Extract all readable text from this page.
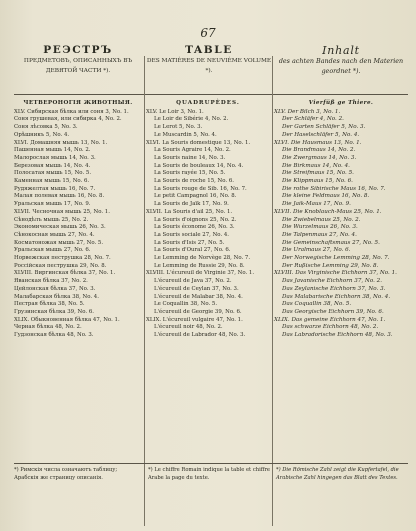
67
РЕЭСТРЪ
ПРЕДМЕТОВЪ, ОПИСАННЫХЪ ВЪ ДЕВЯТОЙ ЧАСТИ *).
TABLE
DES MATIÈRES DE NEUVIÈME VOLUME *).
Inhalt
des achten Bandes nach den Materien geordnet *).
ЧЕТВЕРОНОГІЯ ЖИВОТНЫЯ.
XLV. Сибирская бѣлка или соня 3, No. 1.
Соня грушевая, или сибирка 4, No. 2.
Соня лѣсовка 5, No. 3.
Орѣшникъ 5, No. 4.
XLVI. Домашняя мышь 13, No. 1.
Пашенная мышь 14, No. 2.
Малорослая мышь 14, No. 3.
Березовая мышь 14, No. 4.
Полосатая мышь 15, No. 5.
Каменная мышь 15, No. 6.
Рудяжелтая мышь 16, No. 7.
Малая полевая мышь 16, No. 8.
Уральская мышь 17, No. 9.
XLVII. Чесночная мышь 25, No. 1.
Сѣнодѣлъ мышь 25, No. 2.
Экономическая мышь 26, No. 3.
Сѣнокосная мышь 27, No. 4.
Косматоножая мышь 27, No. 5.
Уральская мышь 27, No. 6.
Норвежская пеструшка 28, No. 7.
Россійская пеструшка 29, No. 8.
XLVIII. Виргинская бѣлка 37, No. 1.
Яванская бѣлка 37, No. 2.
Цейлонская бѣлка 37, No. 3.
Малабарская бѣлка 38, No. 4.
Пестрая бѣлка 38, No. 5.
Грузинская бѣлка 39, No. 6.
XLIX. Обыкновенная бѣлка 47, No. 1.
Черная бѣлка 48, No. 2.
Гудзонская бѣлка 48, No. 3.
QUADRUPÈDES.
XLV. Le Loir 3, No. 1.
Le Loir de Sibérie 4, No. 2.
Le Lerot 5, No. 3.
Le Muscardin 5, No. 4.
XLVI. La Souris domestique 13, No. 1.
La Souris Agraire 14, No. 2.
La Souris naine 14, No. 3.
La Souris de bouleaux 14, No. 4.
La Souris rayée 15, No. 5.
La Souris de roche 15, No. 6.
La Souris rouge de Sib. 16, No. 7.
Le petit Campagnol 16, No. 8.
La Souris de Jaïk 17, No. 9.
XLVII. La Souris d'ail 25, No. 1.
La Souris d'oignons 25, No. 2.
La Souris économe 26, No. 3.
La Souris sociale 27, No. 4.
La Souris d'Isis 27, No. 5.
La Souris d'Oural 27, No. 6.
Le Lemming de Norvège 28, No. 7.
Le Lemming de Russie 29, No. 8.
XLVIII. L'écureuil de Virginie 37, No. 1.
L'écureuil de Java 37, No. 2.
L'écureuil de Ceylan 37, No. 3.
L'écureuil de Malabar 38, No. 4.
Le Coquallin 38, No. 5.
L'écureuil de Georgie 39, No. 6.
XLIX. L'écureuil vulgaire 47, No. 1.
L'écureuil noir 48, No. 2.
L'écureuil de Labrador 48, No. 3.
Vierfüß ge Thiere.
XLV. Der Bilch 3, No. 1.
Der Schläfer 4, No. 2.
Der Garten Schläfer 5, No. 3.
Der Haselschläfer 5, No. 4.
XLVI. Die Hausmaus 13, No. 1.
Die Brandmaus 14, No. 2.
Die Zwergmaus 14, No. 3.
Die Birkmaus 14, No. 4.
Die Streifmaus 15, No. 5.
Die Klippmaus 15, No. 6.
Die rothe Sibirische Maus 16, No. 7.
Die kleine Feldmaus 16, No. 8.
Die Jaik-Maus 17, No. 9.
XLVII. Die Knoblauch-Maus 25, No. 1.
Die Zwiebelmaus 25, No. 2.
Die Wurzelmaus 26, No. 3.
Die Talpenmaus 27, No. 4.
Die Gemeinschaftsmaus 27, No. 5.
Die Uralmaus 27, No. 6.
Der Norwegische Lemming 28, No. 7.
Der Rußische Lemming 29, No. 8.
XLVIII. Das Virginische Eichhorn 37, No. 1.
Das Javanische Eichhorn 37, No. 2.
Das Zeylanische Eichhorn 37, No. 3.
Das Malabarische Eichhorn 38, No. 4.
Das Coquallin 38, No. 5.
Das Georgische Eichhorn 39, No. 6.
XLIX. Das gemeine Eichhorn 47, No. 1.
Das schwarze Eichhorn 48, No. 2.
Das Labradorische Eichhorn 48, No. 3.
*) Римскія числа означаютъ таблицу; Арабскія же страницу описанія.
*) Le chiffre Romain indique la table et chiffre Arabe la page du texte.
*) Die Römische Zahl zeigt die Kupfertafel, die Arabische Zahl hingegen das Blatt des Textes.
